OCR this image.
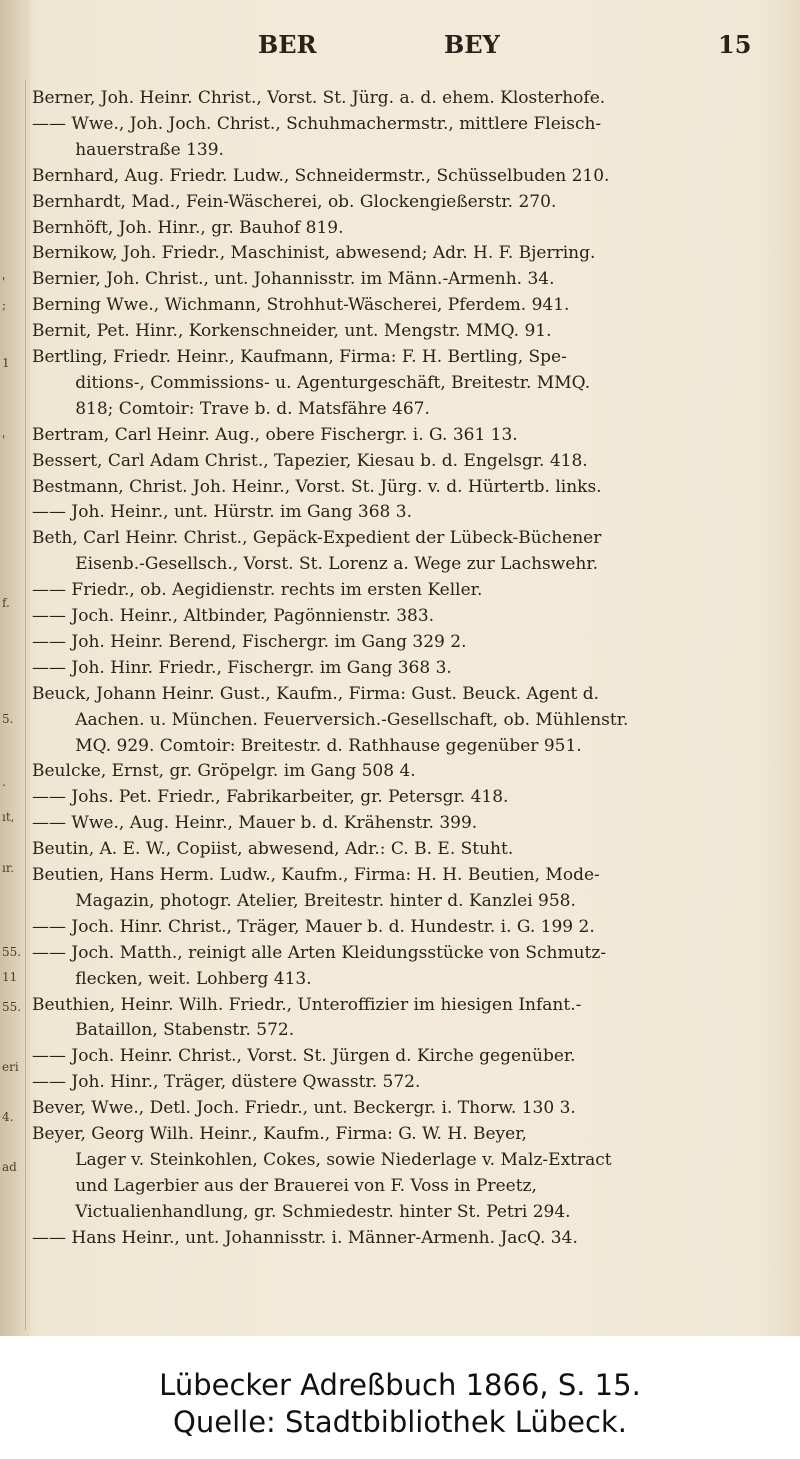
'
;
1
'
f.
5.
.
ıt,
ır.
55.
11
55.
eri
4.
ad
BER	BEY	15
Berner, Joh. Heinr. Christ., Vorst. St. Jürg. a. d. ehem. Klosterhofe.
—— Wwe., Joh. Joch. Christ., Schuhmachermstr., mittlere Fleisch-
hauerstraße 139.
Bernhard, Aug. Friedr. Ludw., Schneidermstr., Schüsselbuden 210.
Bernhardt, Mad., Fein-Wäscherei, ob. Glockengießerstr. 270.
Bernhöft, Joh. Hinr., gr. Bauhof 819.
Bernikow, Joh. Friedr., Maschinist, abwesend; Adr. H. F. Bjerring.
Bernier, Joh. Christ., unt. Johannisstr. im Männ.-Armenh. 34.
Berning Wwe., Wichmann, Strohhut-Wäscherei, Pferdem. 941.
Bernit, Pet. Hinr., Korkenschneider, unt. Mengstr. MMQ. 91.
Bertling, Friedr. Heinr., Kaufmann, Firma: F. H. Bertling, Spe-
ditions-, Commissions- u. Agenturgeschäft, Breitestr. MMQ.
818; Comtoir: Trave b. d. Matsfähre 467.
Bertram, Carl Heinr. Aug., obere Fischergr. i. G. 361 13.
Bessert, Carl Adam Christ., Tapezier, Kiesau b. d. Engelsgr. 418.
Bestmann, Christ. Joh. Heinr., Vorst. St. Jürg. v. d. Hürtertb. links.
—— Joh. Heinr., unt. Hürstr. im Gang 368 3.
Beth, Carl Heinr. Christ., Gepäck-Expedient der Lübeck-Büchener
Eisenb.-Gesellsch., Vorst. St. Lorenz a. Wege zur Lachswehr.
—— Friedr., ob. Aegidienstr. rechts im ersten Keller.
—— Joch. Heinr., Altbinder, Pagönnienstr. 383.
—— Joh. Heinr. Berend, Fischergr. im Gang 329 2.
—— Joh. Hinr. Friedr., Fischergr. im Gang 368 3.
Beuck, Johann Heinr. Gust., Kaufm., Firma: Gust. Beuck. Agent d.
Aachen. u. München. Feuerversich.-Gesellschaft, ob. Mühlenstr.
MQ. 929. Comtoir: Breitestr. d. Rathhause gegenüber 951.
Beulcke, Ernst, gr. Gröpelgr. im Gang 508 4.
—— Johs. Pet. Friedr., Fabrikarbeiter, gr. Petersgr. 418.
—— Wwe., Aug. Heinr., Mauer b. d. Krähenstr. 399.
Beutin, A. E. W., Copiist, abwesend, Adr.: C. B. E. Stuht.
Beutien, Hans Herm. Ludw., Kaufm., Firma: H. H. Beutien, Mode-
Magazin, photogr. Atelier, Breitestr. hinter d. Kanzlei 958.
—— Joch. Hinr. Christ., Träger, Mauer b. d. Hundestr. i. G. 199 2.
—— Joch. Matth., reinigt alle Arten Kleidungsstücke von Schmutz-
flecken, weit. Lohberg 413.
Beuthien, Heinr. Wilh. Friedr., Unteroffizier im hiesigen Infant.-
Bataillon, Stabenstr. 572.
—— Joch. Heinr. Christ., Vorst. St. Jürgen d. Kirche gegenüber.
—— Joh. Hinr., Träger, düstere Qwasstr. 572.
Bever, Wwe., Detl. Joch. Friedr., unt. Beckergr. i. Thorw. 130 3.
Beyer, Georg Wilh. Heinr., Kaufm., Firma: G. W. H. Beyer,
Lager v. Steinkohlen, Cokes, sowie Niederlage v. Malz-Extract
und Lagerbier aus der Brauerei von F. Voss in Preetz,
Victualienhandlung, gr. Schmiedestr. hinter St. Petri 294.
—— Hans Heinr., unt. Johannisstr. i. Männer-Armenh. JacQ. 34.
Lübecker Adreßbuch 1866, S. 15.
Quelle: Stadtbibliothek Lübeck.
